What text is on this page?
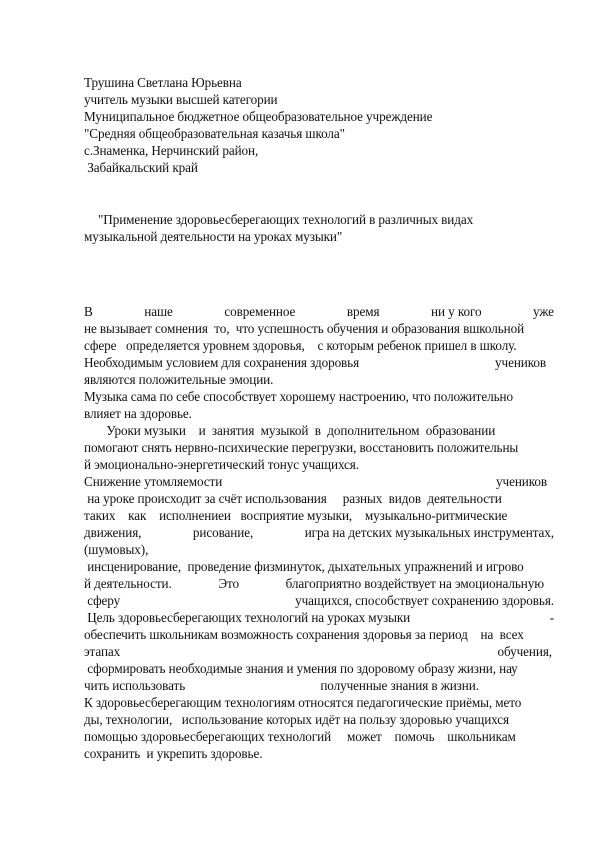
Трушина Светлана Юрьевна
учитель музыки высшей категории
Муниципальное бюджетное общеобразовательное учреждение
"Средняя общеобразовательная казачья школа"
с.Знаменка, Нерчинский район,
Забайкальский край
"Применение здоровьесберегающих технологий в различных видах
музыкальной деятельности на уроках музыки"
В	наше	современное	время	ни у кого	уже
не вызывает сомнения  то,  что успешность обучения и образования вшкольной
сфере   определяется уровнем здоровья,    с которым ребенок пришел в школу.
Необходимым условием для сохранения здоровья	учеников
являются положительные эмоции.
Музыка сама по себе способствует хорошему настроению, что положительно
влияет на здоровье.
Уроки музыки    и  занятия  музыкой  в  дополнительном  образовании
помогают снять нервно-психические перегрузки, восстановить положительны
й эмоционально-энергетический тонус учащихся.
Снижение утомляемости	учеников
на уроке происходит за счёт использования     разных  видов  деятельности
таких    как    исполнениеи   восприятие музыки,    музыкально-ритмические
движения,	рисование,	игра на детских музыкальных инструментах,
(шумовых),
инсценирование,  проведение физминуток, дыхательных упражнений и игрово
й деятельности.	Это	благоприятно воздействует на эмоциональную
сферу	учащихся, способствует сохранению здоровья.
Цель здоровьесберегающих технологий на уроках музыки	-
обеспечить школьникам возможность сохранения здоровья за период    на  всех
этапах	обучения,
сформировать необходимые знания и умения по здоровому образу жизни, нау
чить использовать	полученные знания в жизни.
К здоровьесберегающим технологиям относятся педагогические приёмы, мето
ды, технологии,   использование которых идёт на пользу здоровью учащихся
помощью здоровьесберегающих технологий     может    помочь    школьникам
сохранить  и укрепить здоровье.
